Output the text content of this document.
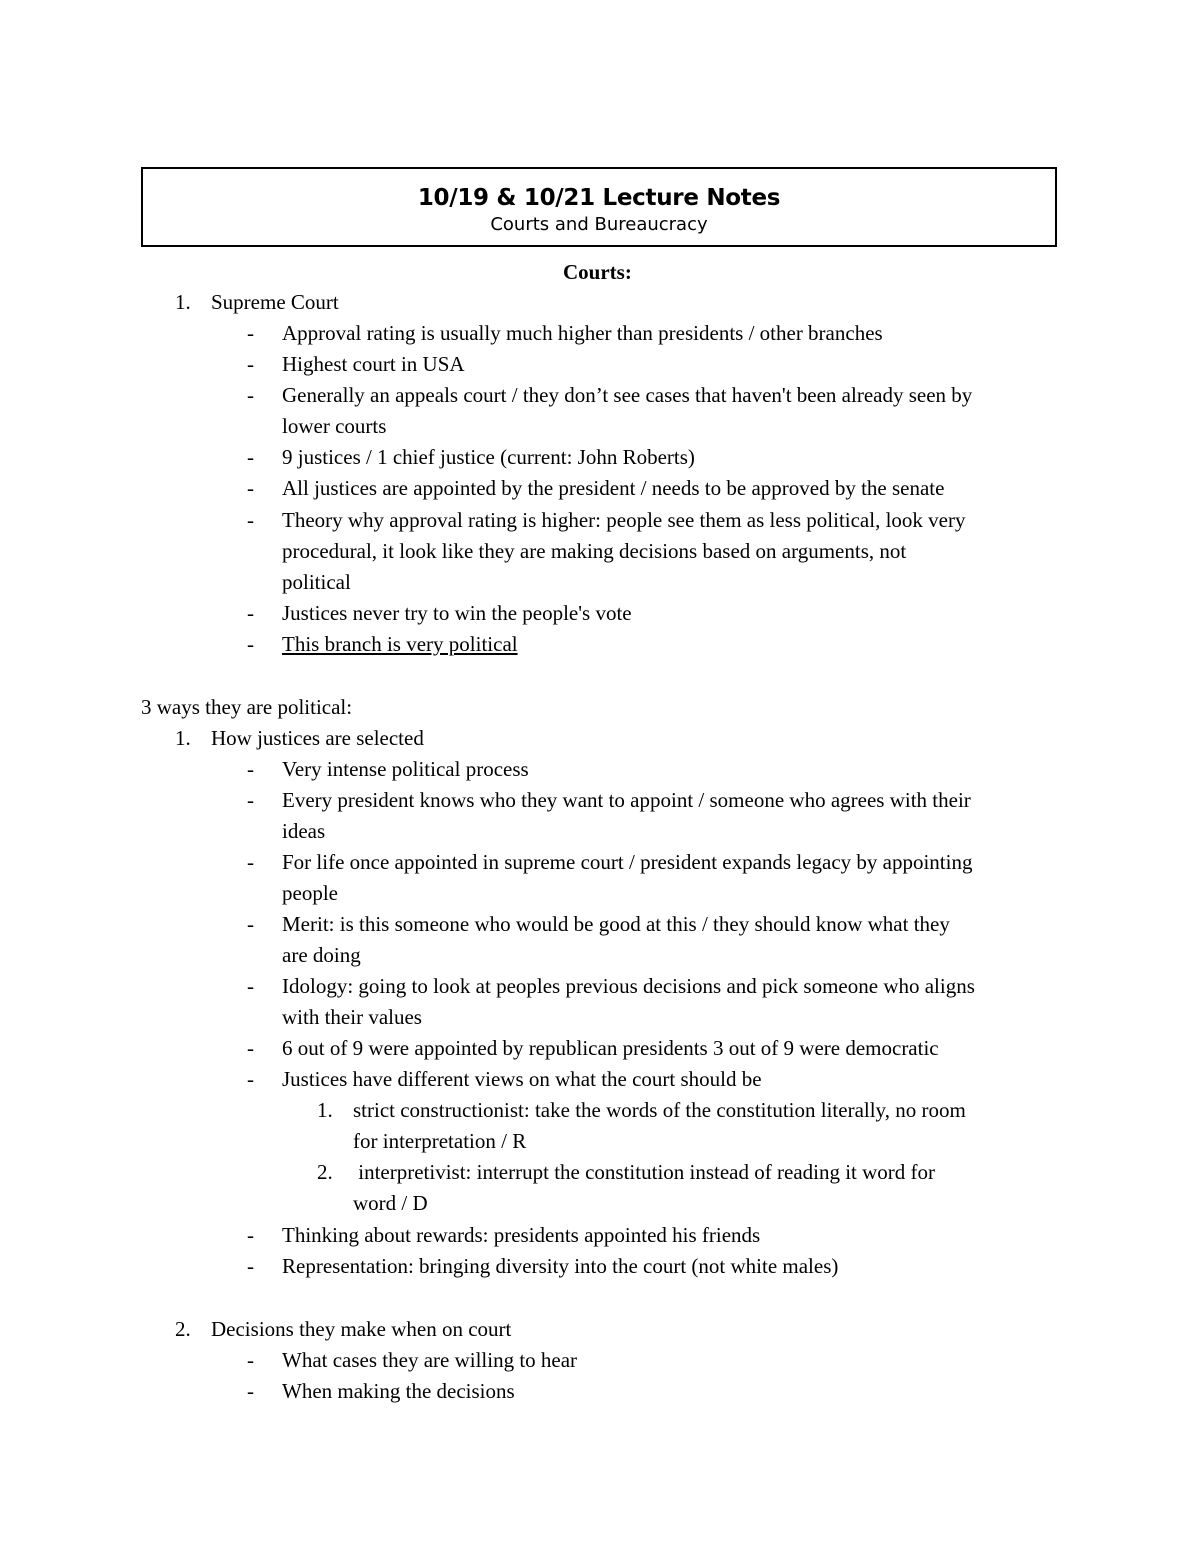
10/19 & 10/21 Lecture Notes
Courts and Bureaucracy
Courts:
1. Supreme Court
- Approval rating is usually much higher than presidents / other branches
- Highest court in USA
- Generally an appeals court / they don’t see cases that haven't been already seen by
lower courts
- 9 justices / 1 chief justice (current: John Roberts)
- All justices are appointed by the president / needs to be approved by the senate
- Theory why approval rating is higher: people see them as less political, look very
procedural, it look like they are making decisions based on arguments, not
political
- Justices never try to win the people's vote
- This branch is very political
3 ways they are political:
1. How justices are selected
- Very intense political process
- Every president knows who they want to appoint / someone who agrees with their
ideas
- For life once appointed in supreme court / president expands legacy by appointing
people
- Merit: is this someone who would be good at this / they should know what they
are doing
- Idology: going to look at peoples previous decisions and pick someone who aligns
with their values
- 6 out of 9 were appointed by republican presidents 3 out of 9 were democratic
- Justices have different views on what the court should be
1. strict constructionist: take the words of the constitution literally, no room
for interpretation / R
2. interpretivist: interrupt the constitution instead of reading it word for
word / D
- Thinking about rewards: presidents appointed his friends
- Representation: bringing diversity into the court (not white males)
2. Decisions they make when on court
- What cases they are willing to hear
- When making the decisions
